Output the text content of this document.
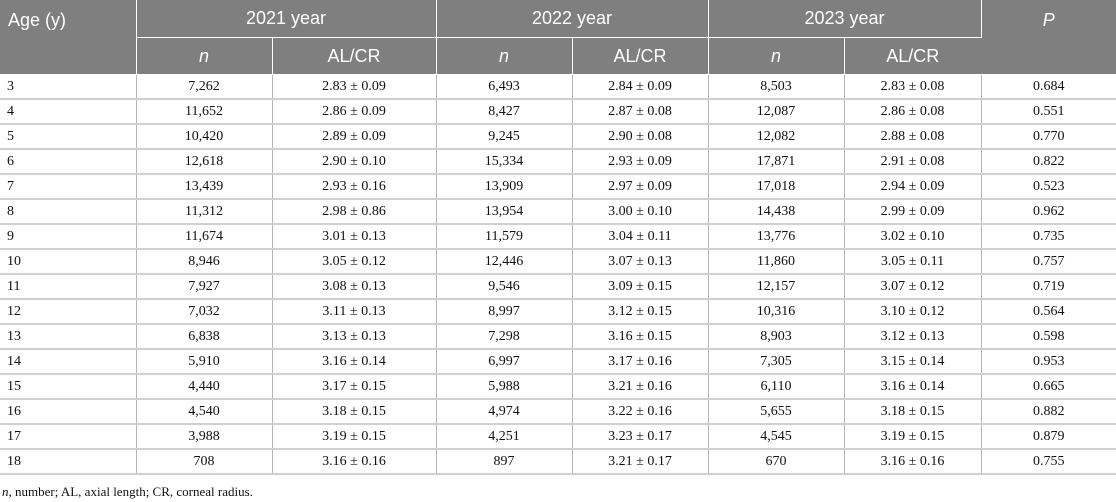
Age (y)	2021 year		2022 year		2023 year		P
	n	AL/CR	n	AL/CR	n	AL/CR	
3	7,262	2.83 ± 0.09	6,493	2.84 ± 0.09	8,503	2.83 ± 0.08	0.684
4	11,652	2.86 ± 0.09	8,427	2.87 ± 0.08	12,087	2.86 ± 0.08	0.551
5	10,420	2.89 ± 0.09	9,245	2.90 ± 0.08	12,082	2.88 ± 0.08	0.770
6	12,618	2.90 ± 0.10	15,334	2.93 ± 0.09	17,871	2.91 ± 0.08	0.822
7	13,439	2.93 ± 0.16	13,909	2.97 ± 0.09	17,018	2.94 ± 0.09	0.523
8	11,312	2.98 ± 0.86	13,954	3.00 ± 0.10	14,438	2.99 ± 0.09	0.962
9	11,674	3.01 ± 0.13	11,579	3.04 ± 0.11	13,776	3.02 ± 0.10	0.735
10	8,946	3.05 ± 0.12	12,446	3.07 ± 0.13	11,860	3.05 ± 0.11	0.757
11	7,927	3.08 ± 0.13	9,546	3.09 ± 0.15	12,157	3.07 ± 0.12	0.719
12	7,032	3.11 ± 0.13	8,997	3.12 ± 0.15	10,316	3.10 ± 0.12	0.564
13	6,838	3.13 ± 0.13	7,298	3.16 ± 0.15	8,903	3.12 ± 0.13	0.598
14	5,910	3.16 ± 0.14	6,997	3.17 ± 0.16	7,305	3.15 ± 0.14	0.953
15	4,440	3.17 ± 0.15	5,988	3.21 ± 0.16	6,110	3.16 ± 0.14	0.665
16	4,540	3.18 ± 0.15	4,974	3.22 ± 0.16	5,655	3.18 ± 0.15	0.882
17	3,988	3.19 ± 0.15	4,251	3.23 ± 0.17	4,545	3.19 ± 0.15	0.879
18	708	3.16 ± 0.16	897	3.21 ± 0.17	670	3.16 ± 0.16	0.755
n, number; AL, axial length; CR, corneal radius.
